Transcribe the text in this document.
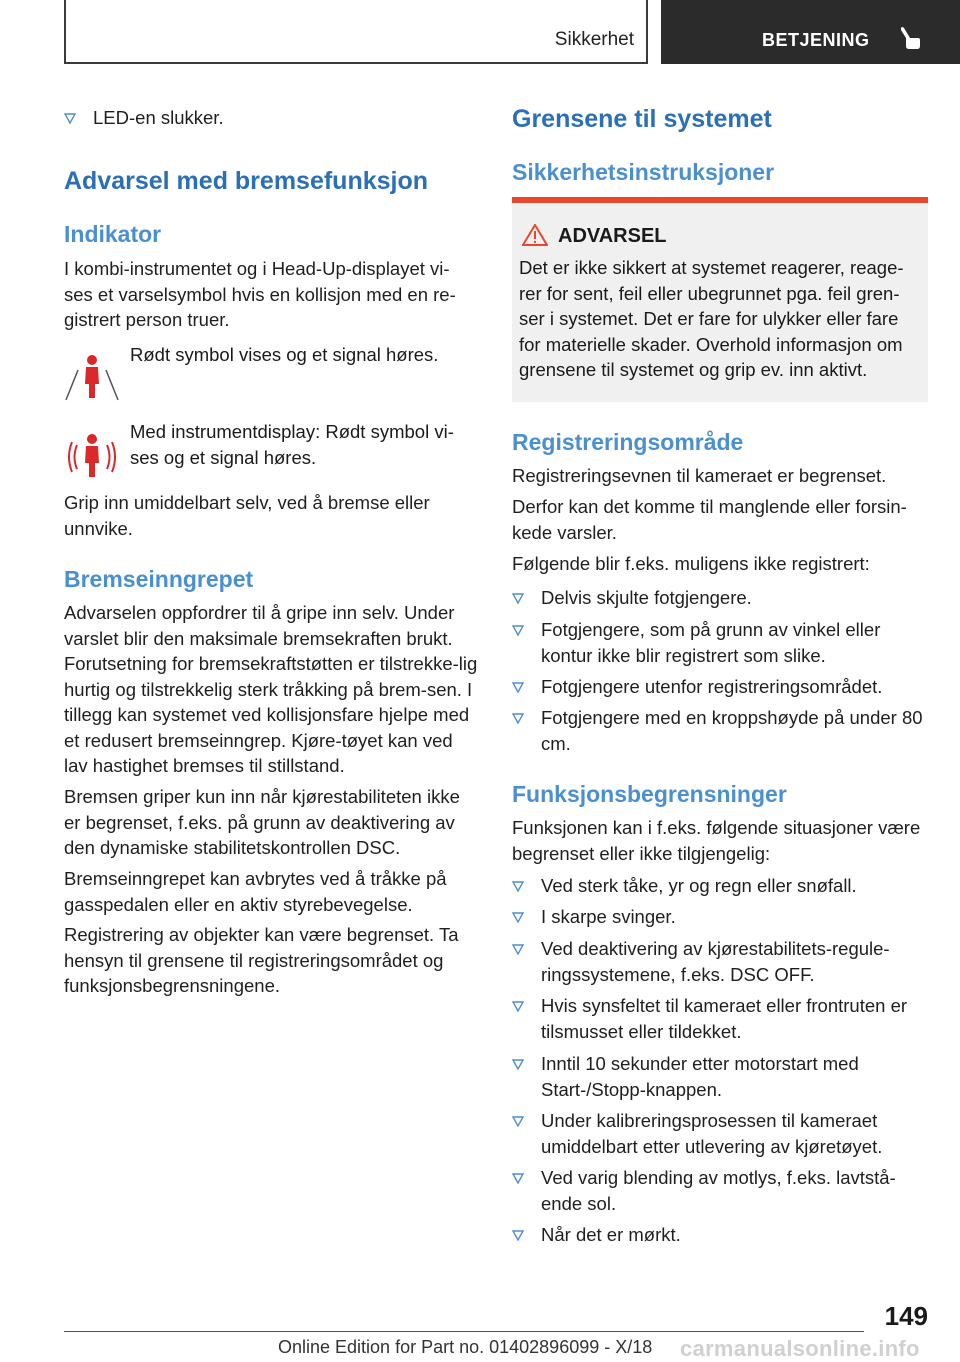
Sikkerhet	BETJENING
LED-en slukker.
Advarsel med bremsefunksjon
Indikator

I kombi-instrumentet og i Head-Up-displayet vi-ses et varselsymbol hvis en kollisjon med en re-gistrert person truer.

Rødt symbol vises og et signal høres.
Med instrumentdisplay: Rødt symbol vi-ses og et signal høres.

Grip inn umiddelbart selv, ved å bremse eller unnvike.

Bremseinngrepet

Advarselen oppfordrer til å gripe inn selv. Under varslet blir den maksimale bremsekraften brukt. Forutsetning for bremsekraftstøtten er tilstrekke-lig hurtig og tilstrekkelig sterk tråkking på brem-sen. I tillegg kan systemet ved kollisjonsfare hjelpe med et redusert bremseinngrep. Kjøre-tøyet kan ved lav hastighet bremses til stillstand.

Bremsen griper kun inn når kjørestabiliteten ikke er begrenset, f.eks. på grunn av deaktivering av den dynamiske stabilitetskontrollen DSC.

Bremseinngrepet kan avbrytes ved å tråkke på gasspedalen eller en aktiv styrebevegelse.

Registrering av objekter kan være begrenset. Ta hensyn til grensene til registreringsområdet og funksjonsbegrensningene.

Grensene til systemet
Sikkerhetsinstruksjoner
ADVARSEL
Det er ikke sikkert at systemet reagerer, reage-rer for sent, feil eller ubegrunnet pga. feil gren-ser i systemet. Det er fare for ulykker eller fare for materielle skader. Overhold informasjon om grensene til systemet og grip ev. inn aktivt.
Registreringsområde

Registreringsevnen til kameraet er begrenset.

Derfor kan det komme til manglende eller forsin-kede varsler.

Følgende blir f.eks. muligens ikke registrert:

Delvis skjulte fotgjengere.
Fotgjengere, som på grunn av vinkel eller kontur ikke blir registrert som slike.
Fotgjengere utenfor registreringsområdet.
Fotgjengere med en kroppshøyde på under 80 cm.
Funksjonsbegrensninger

Funksjonen kan i f.eks. følgende situasjoner være begrenset eller ikke tilgjengelig:

Ved sterk tåke, yr og regn eller snøfall.
I skarpe svinger.
Ved deaktivering av kjørestabilitets-regule-ringssystemene, f.eks. DSC OFF.
Hvis synsfeltet til kameraet eller frontruten er tilsmusset eller tildekket.
Inntil 10 sekunder etter motorstart med Start-/Stopp-knappen.
Under kalibreringsprosessen til kameraet umiddelbart etter utlevering av kjøretøyet.
Ved varig blending av motlys, f.eks. lavtstå-ende sol.
Når det er mørkt.
149
Online Edition for Part no. 01402896099 - X/18 carmanualsonline.info
